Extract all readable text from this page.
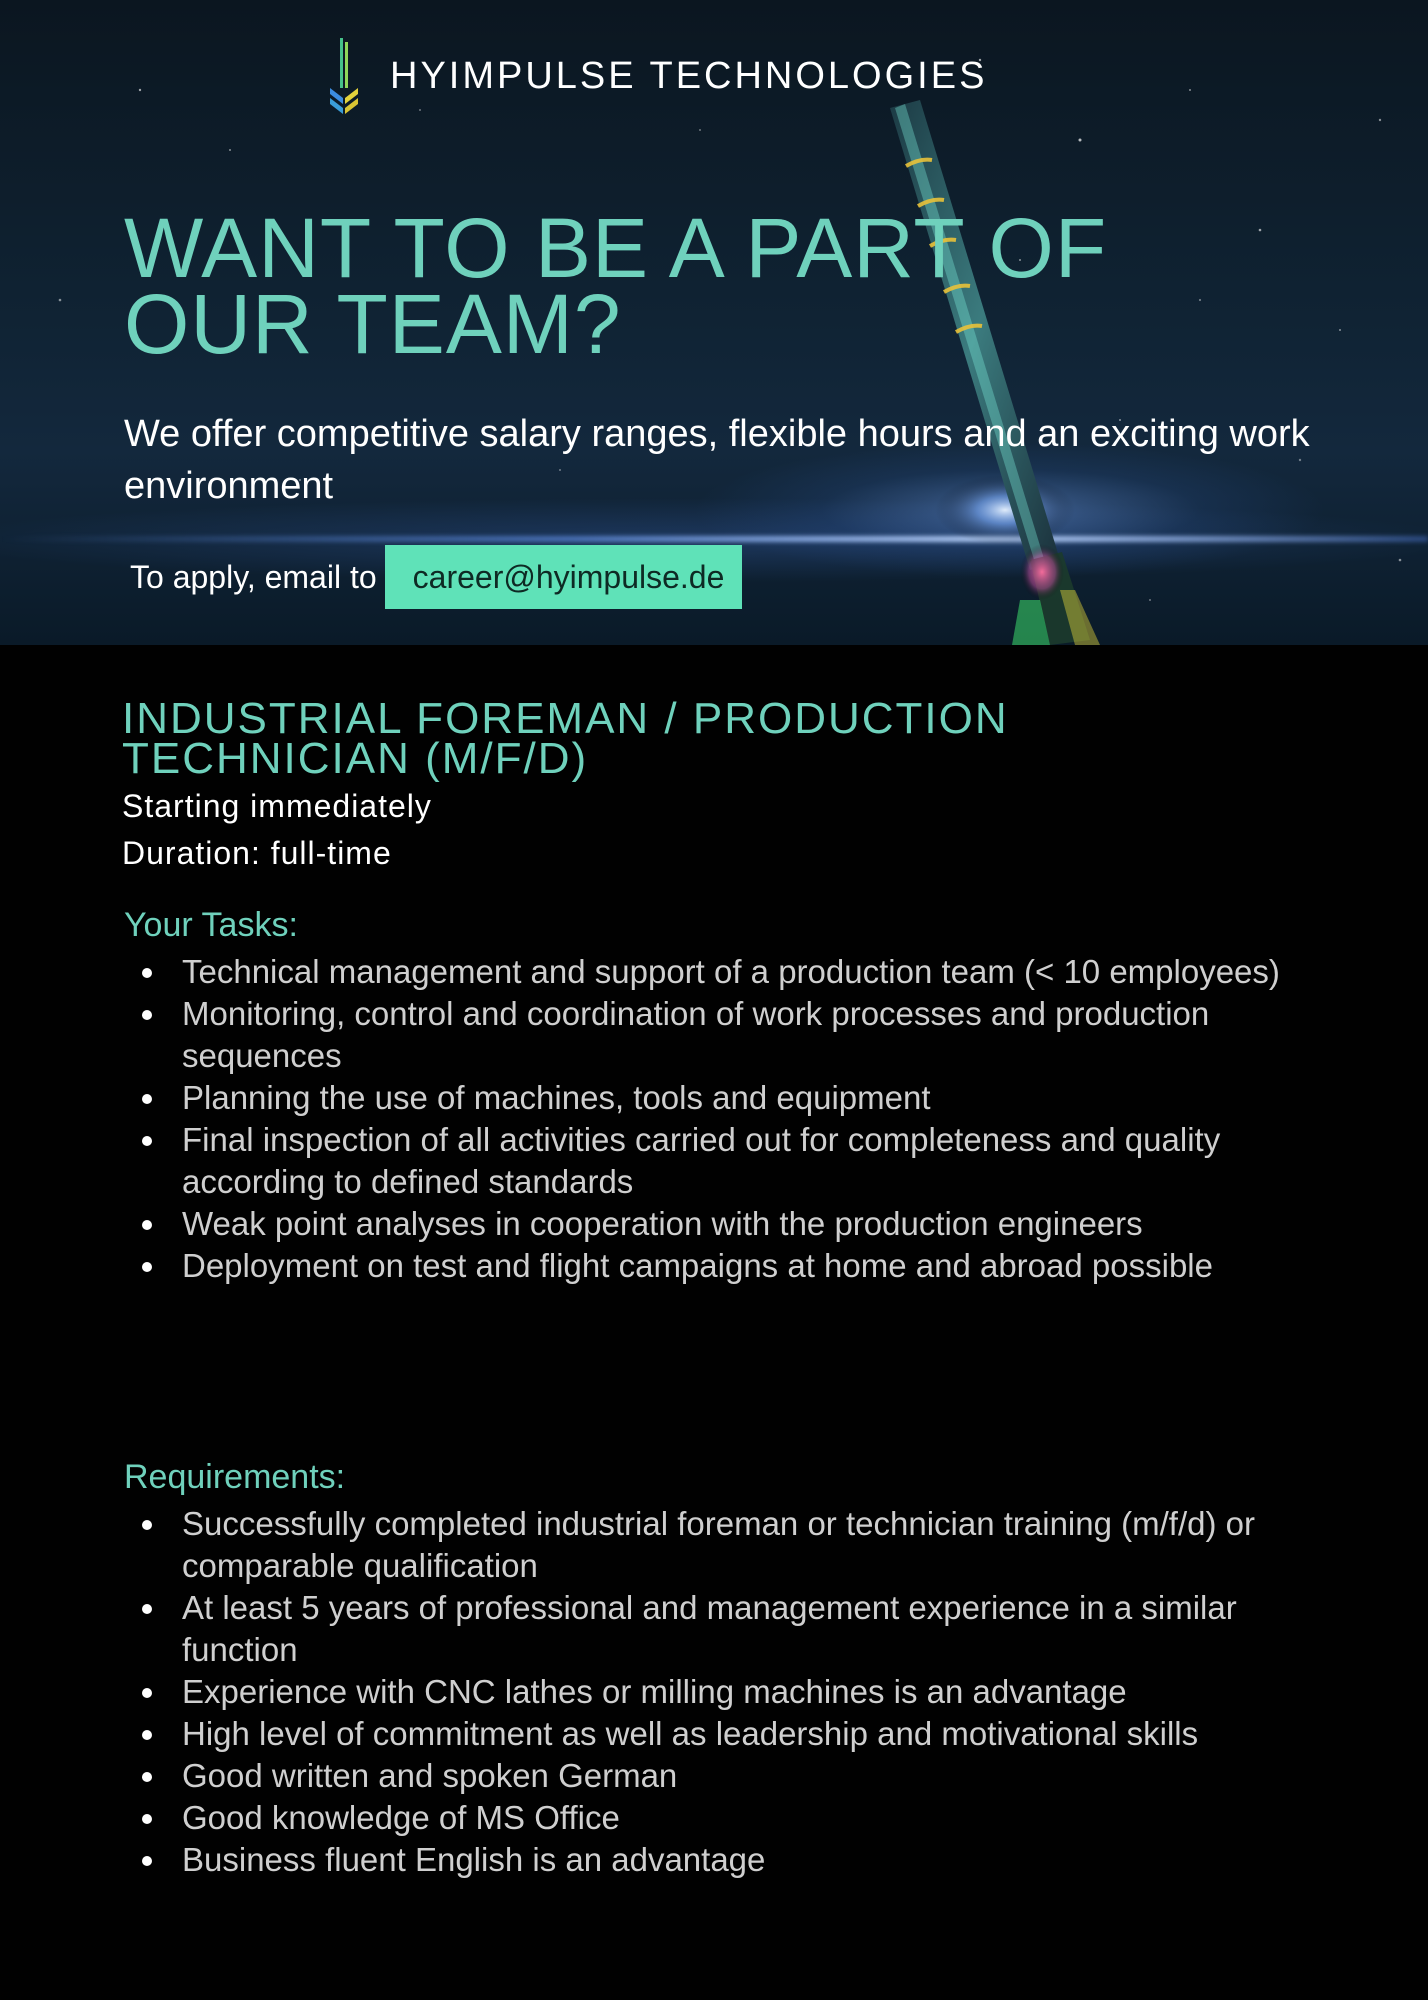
HYIMPULSE TECHNOLOGIES
WANT TO BE A PART OF OUR TEAM?

We offer competitive salary ranges, flexible hours and an exciting work environment

To apply, email to	career@hyimpulse.de
INDUSTRIAL FOREMAN / PRODUCTION TECHNICIAN (M/F/D)
Starting immediately
Duration: full-time
Your Tasks:
Technical management and support of a production team (< 10 employees)
Monitoring, control and coordination of work processes and production sequences
Planning the use of machines, tools and equipment
Final inspection of all activities carried out for completeness and quality according to defined standards
Weak point analyses in cooperation with the production engineers
Deployment on test and flight campaigns at home and abroad possible
Requirements:
Successfully completed industrial foreman or technician training (m/f/d) or comparable qualification
At least 5 years of professional and management experience in a similar function
Experience with CNC lathes or milling machines is an advantage
High level of commitment as well as leadership and motivational skills
Good written and spoken German
Good knowledge of MS Office
Business fluent English is an advantage
